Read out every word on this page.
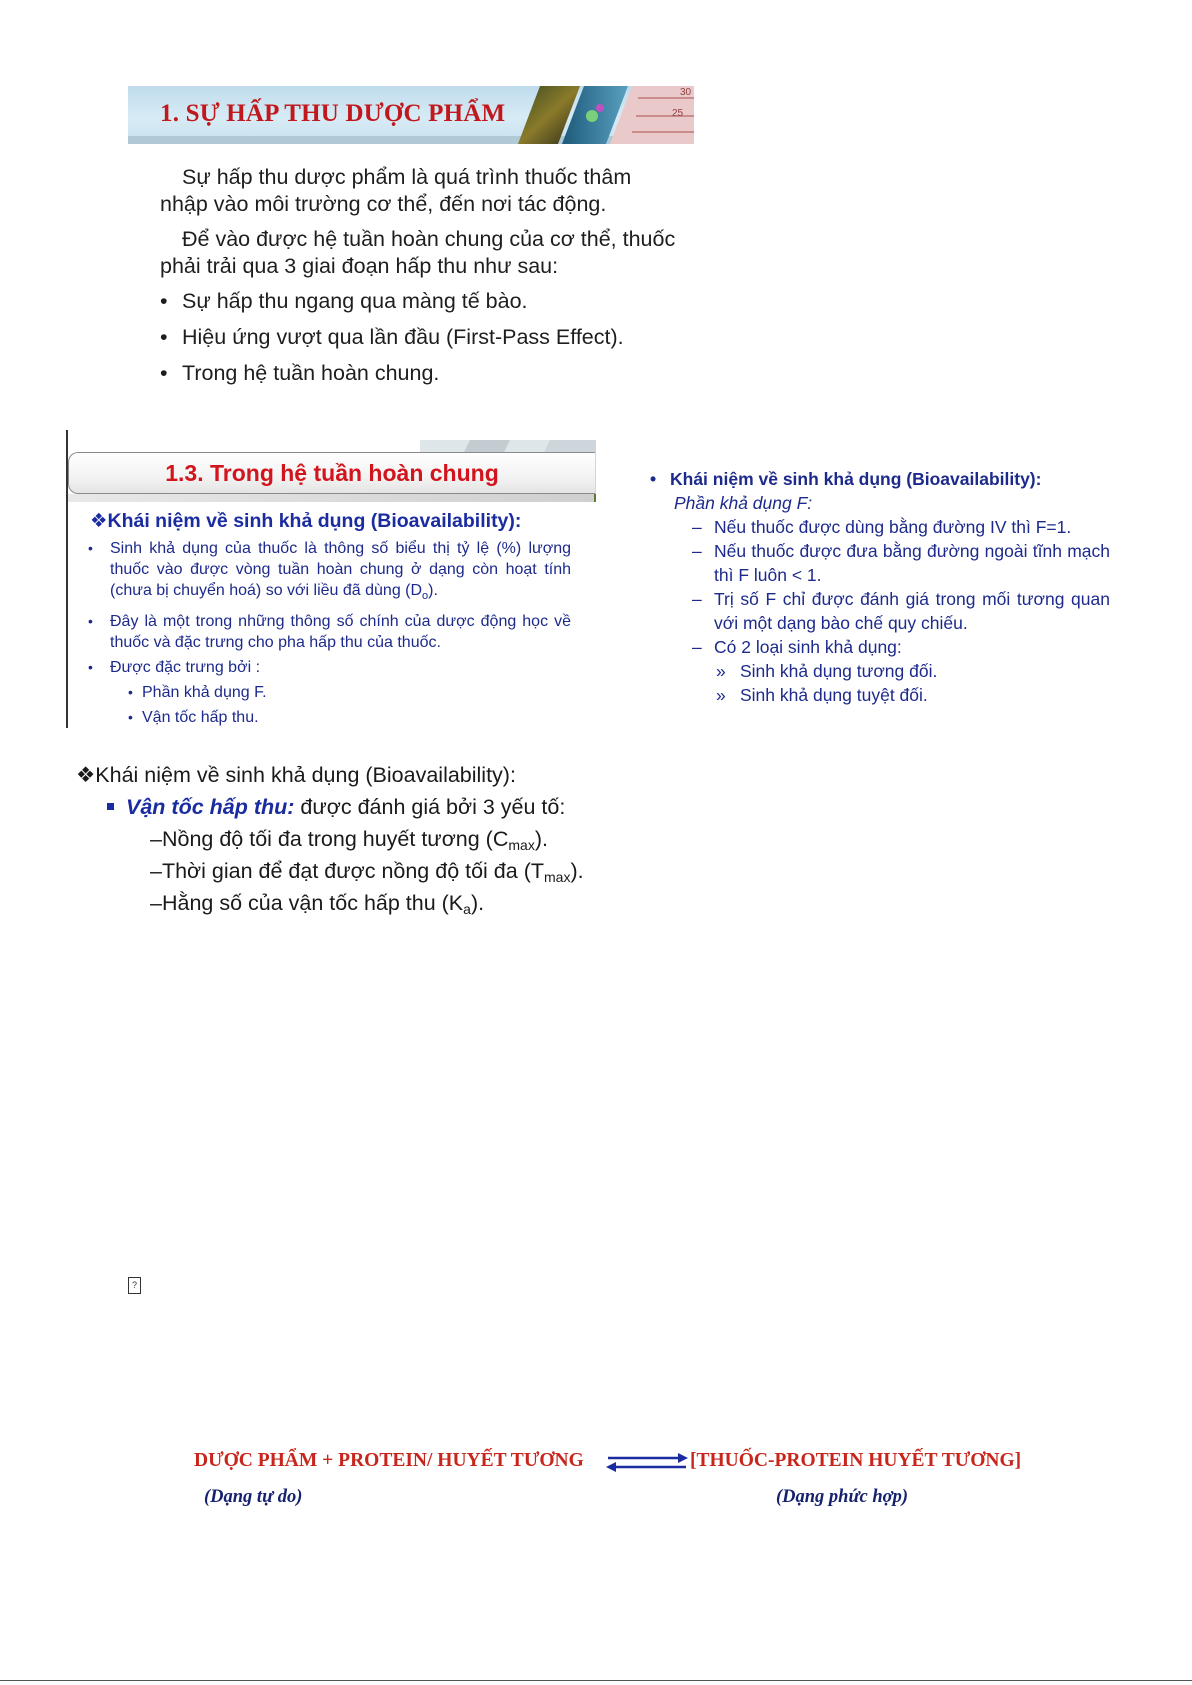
1. SỰ HẤP THU DƯỢC PHẨM
30
25

Sự hấp thu dược phẩm là quá trình thuốc thâm nhập vào môi trường cơ thể, đến nơi tác động.

Để vào được hệ tuần hoàn chung của cơ thể, thuốc phải trải qua 3 giai đoạn hấp thu như sau:

• Sự hấp thu ngang qua màng tế bào.
• Hiệu ứng vượt qua lần đầu (First-Pass Effect).
• Trong hệ tuần hoàn chung.
1.3. Trong hệ tuần hoàn chung
❖Khái niệm về sinh khả dụng (Bioavailability):
• Sinh khả dụng của thuốc là thông số biểu thị tỷ lệ (%) lượng thuốc vào được vòng tuần hoàn chung ở dạng còn hoạt tính (chưa bị chuyển hoá) so với liều đã dùng $(D_o)$.
• Đây là một trong những thông số chính của dược động học về thuốc và đặc trưng cho pha hấp thu của thuốc.
• Được đặc trưng bởi :
• Phần khả dụng F.
• Vận tốc hấp thu.
• Khái niệm về sinh khả dụng (Bioavailability):
Phần khả dụng F:
– Nếu thuốc được dùng bằng đường IV thì F=1.
– Nếu thuốc được đưa bằng đường ngoài tĩnh mạch thì F luôn < 1.
– Trị số F chỉ được đánh giá trong mối tương quan với một dạng bào chế quy chiếu.
– Có 2 loại sinh khả dụng:
» Sinh khả dụng tương đối.
» Sinh khả dụng tuyệt đối.
❖Khái niệm về sinh khả dụng (Bioavailability):
Vận tốc hấp thu: được đánh giá bởi 3 yếu tố:
–Nồng độ tối đa trong huyết tương $(C_{max})$.
–Thời gian để đạt được nồng độ tối đa $(T_{max})$.
–Hằng số của vận tốc hấp thu $(K_a)$.
?
DƯỢC PHẨM + PROTEIN/ HUYẾT TƯƠNG	[THUỐC-PROTEIN HUYẾT TƯƠNG]
(Dạng tự do)	(Dạng phức hợp)
